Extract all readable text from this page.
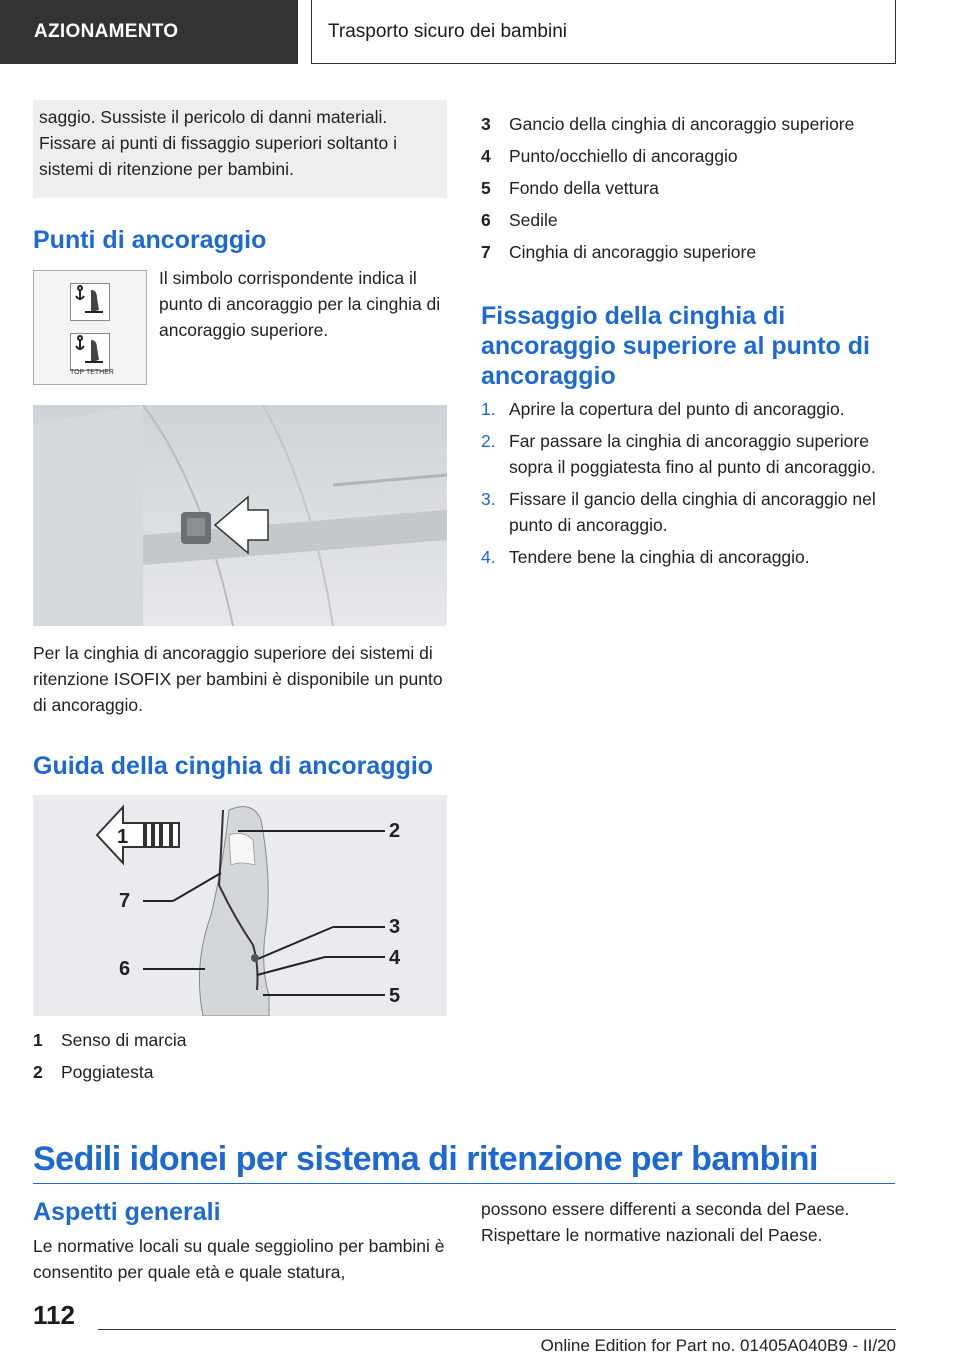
AZIONAMENTO	Trasporto sicuro dei bambini
saggio. Sussiste il pericolo di danni materiali. Fissare ai punti di fissaggio superiori soltanto i sistemi di ritenzione per bambini.
Punti di ancoraggio
TOP TETHER
Il simbolo corrispondente indica il punto di ancoraggio per la cinghia di ancoraggio superiore.
Per la cinghia di ancoraggio superiore dei sistemi di ritenzione ISOFIX per bambini è disponibile un punto di ancoraggio.
Guida della cinghia di ancoraggio
1	2
7
3
4
5
6
1	Senso di marcia
2	Poggiatesta
3	Gancio della cinghia di ancoraggio superiore
4	Punto/occhiello di ancoraggio
5	Fondo della vettura
6	Sedile
7	Cinghia di ancoraggio superiore
Fissaggio della cinghia di ancoraggio superiore al punto di ancoraggio
1. Aprire la copertura del punto di ancoraggio.
2. Far passare la cinghia di ancoraggio superiore sopra il poggiatesta fino al punto di ancoraggio.
3. Fissare il gancio della cinghia di ancoraggio nel punto di ancoraggio.
4. Tendere bene la cinghia di ancoraggio.
Sedili idonei per sistema di ritenzione per bambini
Aspetti generali
Le normative locali su quale seggiolino per bambini è consentito per quale età e quale statura,
possono essere differenti a seconda del Paese. Rispettare le normative nazionali del Paese.
112
Online Edition for Part no. 01405A040B9 - II/20
